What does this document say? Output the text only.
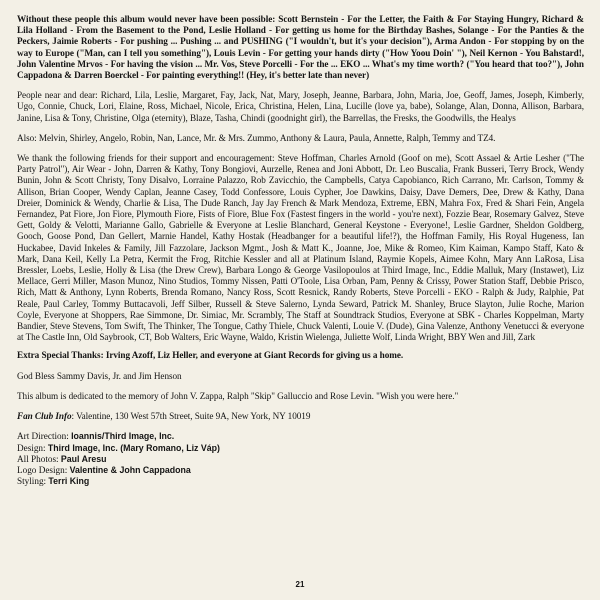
Without these people this album would never have been possible: Scott Bernstein - For the Letter, the Faith & For Staying Hungry, Richard & Lila Holland - From the Basement to the Pond, Leslie Holland - For getting us home for the Birthday Bashes, Solange - For the Panties & the Peckers, Jaimie Roberts - For pushing ... Pushing ... and PUSHING ("I wouldn't, but it's your decision"), Arma Andon - For stopping by on the way to Europe ("Man, can I tell you something"), Louis Levin - For getting your hands dirty ("How Yoou Doin' "), Neil Kernon - You Bahstard!, John Valentine Mrvos - For having the vision ... Mr. Vos, Steve Porcelli - For the ... EKO ... What's my time worth? ("You heard that too?"), John Cappadona & Darren Boerckel - For painting everything!! (Hey, it's better late than never)

People near and dear: Richard, Lila, Leslie, Margaret, Fay, Jack, Nat, Mary, Joseph, Jeanne, Barbara, John, Maria, Joe, Geoff, James, Joseph, Kimberly, Ugo, Connie, Chuck, Lori, Elaine, Ross, Michael, Nicole, Erica, Christina, Helen, Lina, Lucille (love ya, babe), Solange, Alan, Donna, Allison, Barbara, Janine, Lisa & Tony, Christine, Olga (eternity), Blaze, Tasha, Chindi (goodnight girl), the Barrellas, the Fresks, the Goodwills, the Healys

Also: Melvin, Shirley, Angelo, Robin, Nan, Lance, Mr. & Mrs. Zummo, Anthony & Laura, Paula, Annette, Ralph, Temmy and TZ4.

We thank the following friends for their support and encouragement: Steve Hoffman, Charles Arnold (Goof on me), Scott Assael & Artie Lesher ("The Party Patrol"), Air Wear - John, Darren & Kathy, Tony Bongiovi, Aurzelle, Renea and Joni Abbott, Dr. Leo Buscalia, Frank Busseri, Terry Brock, Wendy Bunin, John & Scott Christy, Tony Disalvo, Lorraine Palazzo, Rob Zavicchio, the Campbells, Catya Capobianco, Rich Carrano, Mr. Carlson, Tommy & Allison, Brian Cooper, Wendy Caplan, Jeanne Casey, Todd Confessore, Louis Cypher, Joe Dawkins, Daisy, Dave Demers, Dee, Drew & Kathy, Dana Dreier, Dominick & Wendy, Charlie & Lisa, The Dude Ranch, Jay Jay French & Mark Mendoza, Extreme, EBN, Mahra Fox, Fred & Shari Fein, Angela Fernandez, Pat Fiore, Jon Fiore, Plymouth Fiore, Fists of Fiore, Blue Fox (Fastest fingers in the world - you're next), Fozzie Bear, Rosemary Galvez, Steve Gett, Goldy & Velotti, Marianne Gallo, Gabrielle & Everyone at Leslie Blanchard, General Keystone - Everyone!, Leslie Gardner, Sheldon Goldberg, Gooch, Goose Pond, Dan Gellert, Marnie Handel, Kathy Hostak (Headbanger for a beautiful life!?), the Hoffman Family, His Royal Hugeness, Ian Huckabee, David Inkeles & Family, Jill Fazzolare, Jackson Mgmt., Josh & Matt K., Joanne, Joe, Mike & Romeo, Kim Kaiman, Kampo Staff, Kato & Mark, Dana Keil, Kelly La Petra, Kermit the Frog, Ritchie Kessler and all at Platinum Island, Raymie Kopels, Aimee Kohn, Mary Ann LaRosa, Lisa Bressler, Loebs, Leslie, Holly & Lisa (the Drew Crew), Barbara Longo & George Vasilopoulos at Third Image, Inc., Eddie Malluk, Mary (Instawet), Liz Mellace, Gerri Miller, Mason Munoz, Nino Studios, Tommy Nissen, Patti O'Toole, Lisa Orban, Pam, Penny & Crissy, Power Station Staff, Debbie Prisco, Rich, Matt & Anthony, Lynn Roberts, Brenda Romano, Nancy Ross, Scott Resnick, Randy Roberts, Steve Porcelli - EKO - Ralph & Judy, Ralphie, Pat Reale, Paul Carley, Tommy Buttacavoli, Jeff Silber, Russell & Steve Salerno, Lynda Seward, Patrick M. Shanley, Bruce Slayton, Julie Roche, Marion Coyle, Everyone at Shoppers, Rae Simmone, Dr. Simiac, Mr. Scrambly, The Staff at Soundtrack Studios, Everyone at SBK - Charles Koppelman, Marty Bandier, Steve Stevens, Tom Swift, The Thinker, The Tongue, Cathy Thiele, Chuck Valenti, Louie V. (Dude), Gina Valenze, Anthony Venetucci & everyone at The Castle Inn, Old Saybrook, CT, Bob Walters, Eric Wayne, Waldo, Kristin Wielenga, Juliette Wolf, Linda Wright, BBY Wen and Jill, Zark

Extra Special Thanks: Irving Azoff, Liz Heller, and everyone at Giant Records for giving us a home.

God Bless Sammy Davis, Jr. and Jim Henson

This album is dedicated to the memory of John V. Zappa, Ralph "Skip" Galluccio and Rose Levin. "Wish you were here."

Fan Club Info: Valentine, 130 West 57th Street, Suite 9A, New York, NY 10019

Art Direction: Ioannis/Third Image, Inc.
Design: Third Image, Inc. (Mary Romano, Liz Váp)
All Photos: Paul Aresu
Logo Design: Valentine & John Cappadona
Styling: Terri King
21
